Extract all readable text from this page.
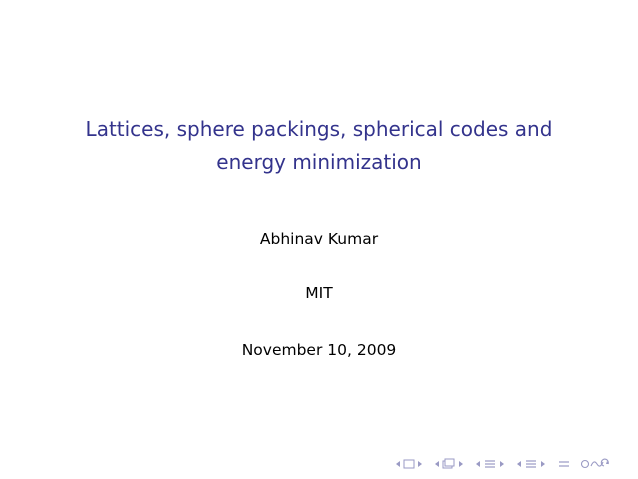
Lattices, sphere packings, spherical codes and
energy minimization
Abhinav Kumar
MIT
November 10, 2009
